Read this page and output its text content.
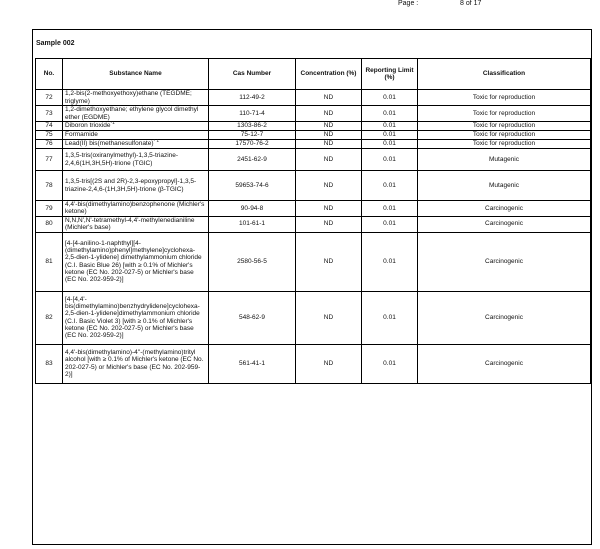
Page :	8 of 17
Sample 002
No.	Substance Name	Cas Number	Concentration (%)	Reporting Limit (%)	Classification
72	1,2-bis(2-methoxyethoxy)ethane (TEGDME; triglyme)	112-49-2	ND	0.01	Toxic for reproduction
73	1,2-dimethoxyethane; ethylene glycol dimethyl ether (EGDME)	110-71-4	ND	0.01	Toxic for reproduction
74	Diboron trioxide$^{*1}$	1303-86-2	ND	0.01	Toxic for reproduction
75	Formamide	75-12-7	ND	0.01	Toxic for reproduction
76	Lead(II) bis(methanesulfonate)$^{* 1}$	17570-76-2	ND	0.01	Toxic for reproduction
77	1,3,5-tris(oxiranylmethyl)-1,3,5-triazine-2,4,6(1H,3H,5H)-trione (TGIC)	2451-62-9	ND	0.01	Mutagenic
78	1,3,5-tris[(2S and 2R)-2,3-epoxypropyl]-1,3,5-triazine-2,4,6-(1H,3H,5H)-trione (β-TGIC)	59653-74-6	ND	0.01	Mutagenic
79	4,4'-bis(dimethylamino)benzophenone (Michler's ketone)	90-94-8	ND	0.01	Carcinogenic
80	N,N,N',N'-tetramethyl-4,4'-methylenedianiline (Michler's base)	101-61-1	ND	0.01	Carcinogenic
81	[4-[4-anilino-1-naphthyl][4-(dimethylamino)phenyl]methylene]cyclohexa-2,5-dien-1-ylidene] dimethylammonium chloride (C.I. Basic Blue 26) [with ≥ 0.1% of Michler's ketone (EC No. 202-027-5) or Michler's base (EC No. 202-959-2)]	2580-56-5	ND	0.01	Carcinogenic
82	[4-[4,4'-bis(dimethylamino)benzhydrylidene]cyclohexa-2,5-dien-1-ylidene]dimethylammonium chloride (C.I. Basic Violet 3) [with ≥ 0.1% of Michler's ketone (EC No. 202-027-5) or Michler's base (EC No. 202-959-2)]	548-62-9	ND	0.01	Carcinogenic
83	4,4'-bis(dimethylamino)-4''-(methylamino)trityl alcohol [with ≥ 0.1% of Michler's ketone (EC No. 202-027-5) or Michler's base (EC No. 202-959-2)]	561-41-1	ND	0.01	Carcinogenic
